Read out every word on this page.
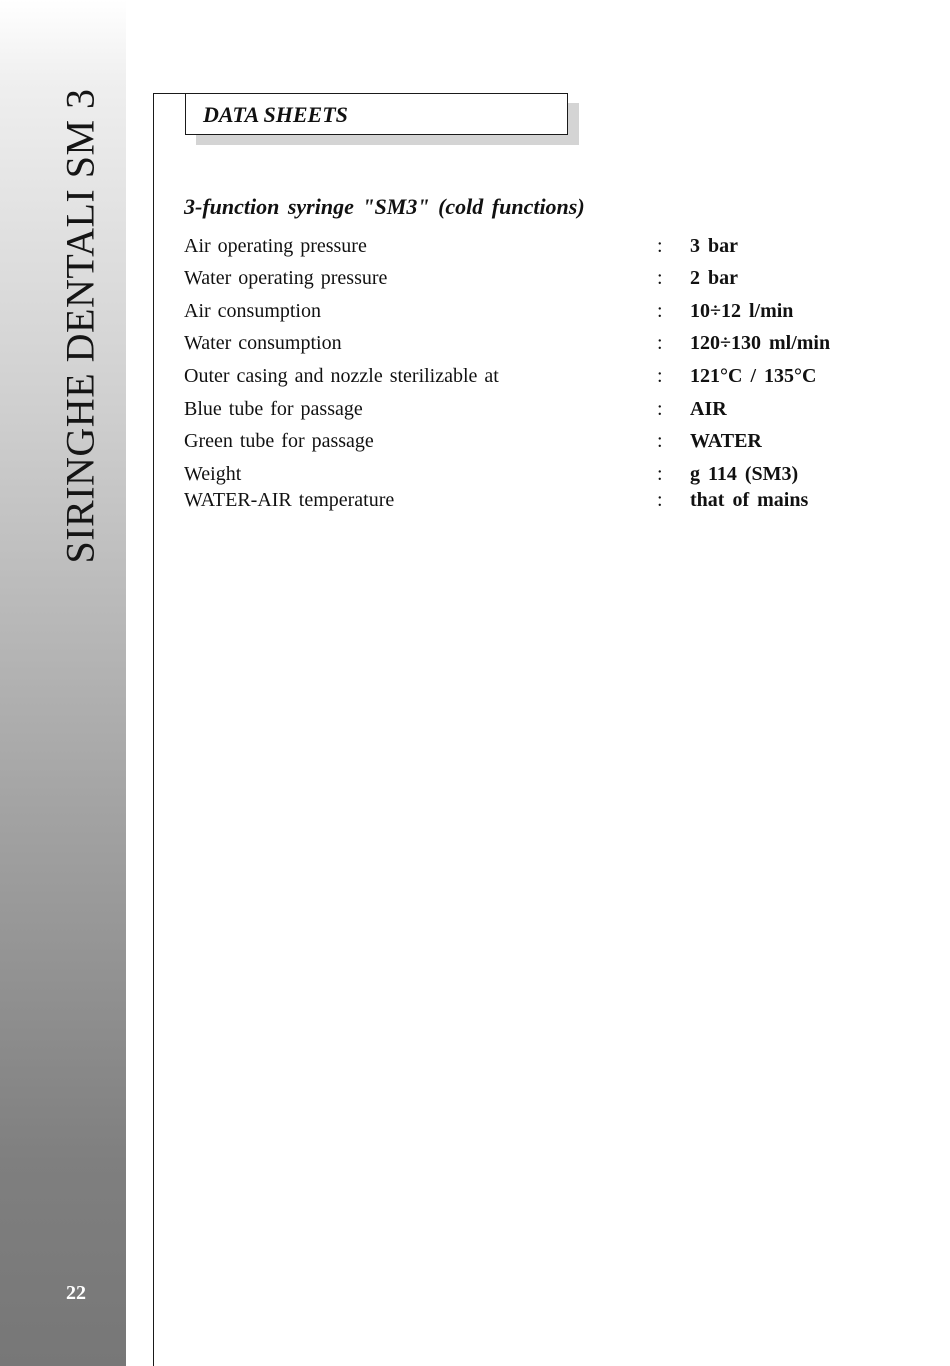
SIRINGHE DENTALI SM 3
22
DATA SHEETS
3-function syringe "SM3" (cold functions)
Air operating pressure	: 3 bar
Water operating pressure	: 2 bar
Air consumption	: 10÷12 l/min
Water consumption	: 120÷130 ml/min
Outer casing and nozzle sterilizable at	: 121°C / 135°C
Blue tube for passage	: AIR
Green tube for passage	: WATER
Weight	: g 114 (SM3)
WATER-AIR temperature	: that of mains
